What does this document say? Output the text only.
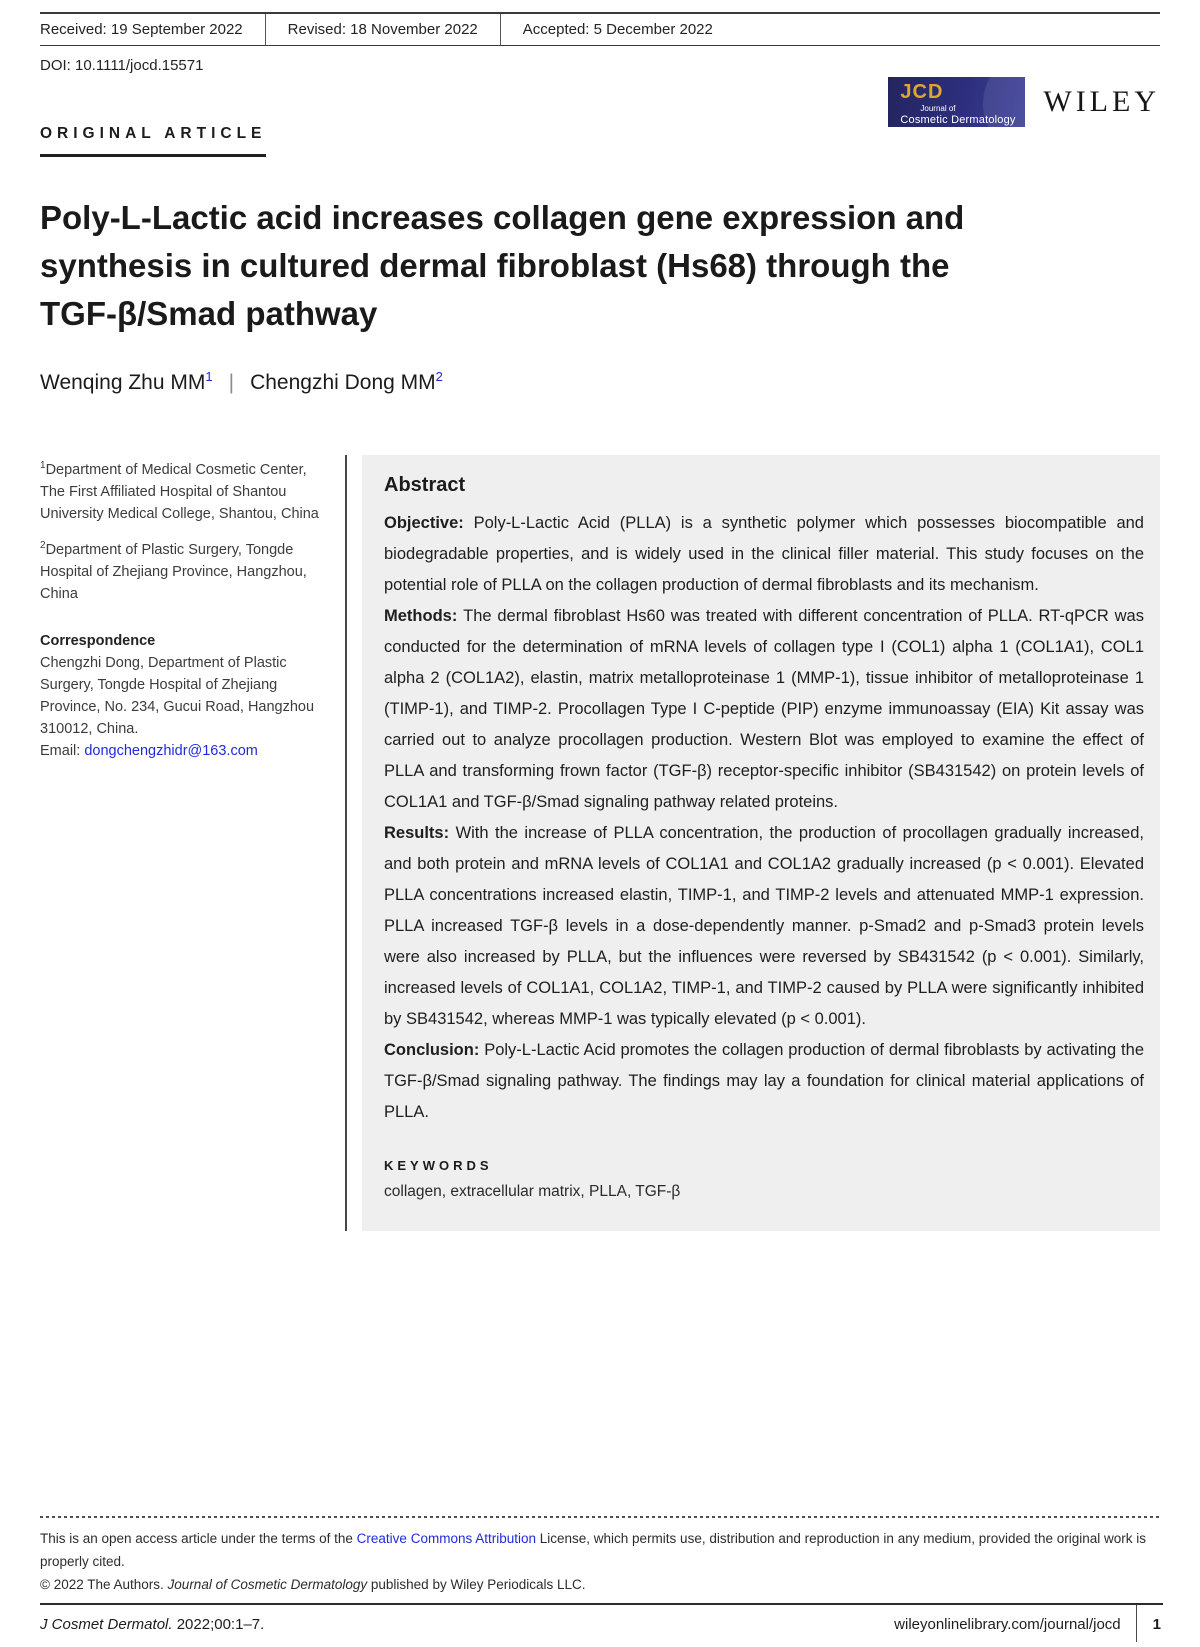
Received: 19 September 2022	Revised: 18 November 2022	Accepted: 5 December 2022
DOI: 10.1111/jocd.15571
ORIGINAL ARTICLE
JCD
Journal of
Cosmetic Dermatology
WILEY
Poly-L-Lactic acid increases collagen gene expression and
synthesis in cultured dermal fibroblast (Hs68) through the
TGF-β/Smad pathway
Wenqing Zhu $MM^1$ | Chengzhi Dong $MM^2$
$^1$Department of Medical Cosmetic Center, The First Affiliated Hospital of Shantou University Medical College, Shantou, China
$^2$Department of Plastic Surgery, Tongde Hospital of Zhejiang Province, Hangzhou, China
Correspondence
Chengzhi Dong, Department of Plastic Surgery, Tongde Hospital of Zhejiang Province, No. 234, Gucui Road, Hangzhou 310012, China.
Email: dongchengzhidr@163.com
Abstract
Objective: Poly-L-Lactic Acid (PLLA) is a synthetic polymer which possesses biocompatible and biodegradable properties, and is widely used in the clinical filler material. This study focuses on the potential role of PLLA on the collagen production of dermal fibroblasts and its mechanism.
Methods: The dermal fibroblast Hs60 was treated with different concentration of PLLA. RT-qPCR was conducted for the determination of mRNA levels of collagen type I (COL1) alpha 1 (COL1A1), COL1 alpha 2 (COL1A2), elastin, matrix metalloproteinase 1 (MMP-1), tissue inhibitor of metalloproteinase 1 (TIMP-1), and TIMP-2. Procollagen Type I C-peptide (PIP) enzyme immunoassay (EIA) Kit assay was carried out to analyze procollagen production. Western Blot was employed to examine the effect of PLLA and transforming frown factor (TGF-β) receptor-specific inhibitor (SB431542) on protein levels of COL1A1 and TGF-β/Smad signaling pathway related proteins.
Results: With the increase of PLLA concentration, the production of procollagen gradually increased, and both protein and mRNA levels of COL1A1 and COL1A2 gradually increased (p < 0.001). Elevated PLLA concentrations increased elastin, TIMP-1, and TIMP-2 levels and attenuated MMP-1 expression. PLLA increased TGF-β levels in a dose-dependently manner. p-Smad2 and p-Smad3 protein levels were also increased by PLLA, but the influences were reversed by SB431542 (p < 0.001). Similarly, increased levels of COL1A1, COL1A2, TIMP-1, and TIMP-2 caused by PLLA were significantly inhibited by SB431542, whereas MMP-1 was typically elevated (p < 0.001).
Conclusion: Poly-L-Lactic Acid promotes the collagen production of dermal fibroblasts by activating the TGF-β/Smad signaling pathway. The findings may lay a foundation for clinical material applications of PLLA.
KEYWORDS
collagen, extracellular matrix, PLLA, TGF-β
This is an open access article under the terms of the Creative Commons Attribution License, which permits use, distribution and reproduction in any medium, provided the original work is properly cited.
© 2022 The Authors. Journal of Cosmetic Dermatology published by Wiley Periodicals LLC.
J Cosmet Dermatol. 2022;00:1–7.	wileyonlinelibrary.com/journal/jocd	1
